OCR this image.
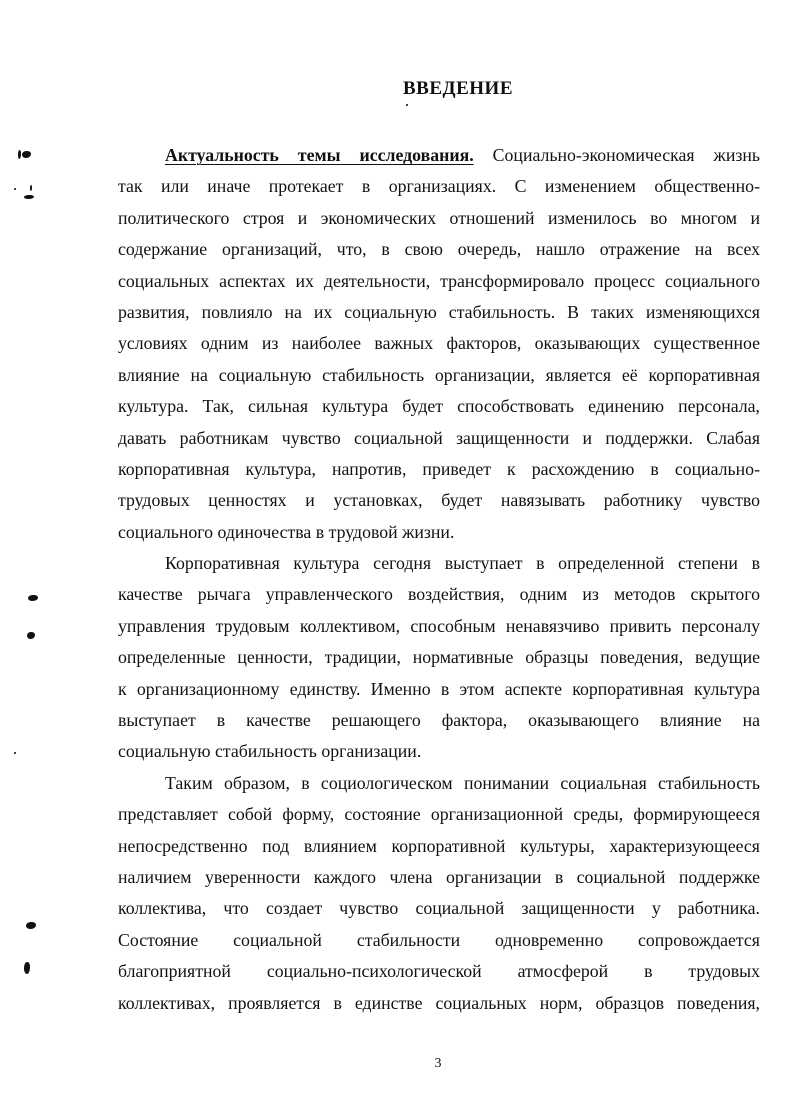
ВВЕДЕНИЕ
Актуальность темы исследования. Социально-экономическая жизнь
так или иначе протекает в организациях. С изменением общественно-
политического строя и экономических отношений изменилось во многом и
содержание организаций, что, в свою очередь, нашло отражение на всех
социальных аспектах их деятельности, трансформировало процесс социального
развития, повлияло на их социальную стабильность. В таких изменяющихся
условиях одним из наиболее важных факторов, оказывающих существенное
влияние на социальную стабильность организации, является её корпоративная
культура. Так, сильная культура будет способствовать единению персонала,
давать работникам чувство социальной защищенности и поддержки. Слабая
корпоративная культура, напротив, приведет к расхождению в социально-
трудовых ценностях и установках, будет навязывать работнику чувство
социального одиночества в трудовой жизни.
Корпоративная культура сегодня выступает в определенной степени в
качестве рычага управленческого воздействия, одним из методов скрытого
управления трудовым коллективом, способным ненавязчиво привить персоналу
определенные ценности, традиции, нормативные образцы поведения, ведущие
к организационному единству. Именно в этом аспекте корпоративная культура
выступает в качестве решающего фактора, оказывающего влияние на
социальную стабильность организации.
Таким образом, в социологическом понимании социальная стабильность
представляет собой форму, состояние организационной среды, формирующееся
непосредственно под влиянием корпоративной культуры, характеризующееся
наличием уверенности каждого члена организации в социальной поддержке
коллектива, что создает чувство социальной защищенности у работника.
Состояние социальной стабильности одновременно сопровождается
благоприятной социально-психологической атмосферой в трудовых
коллективах, проявляется в единстве социальных норм, образцов поведения,
3
